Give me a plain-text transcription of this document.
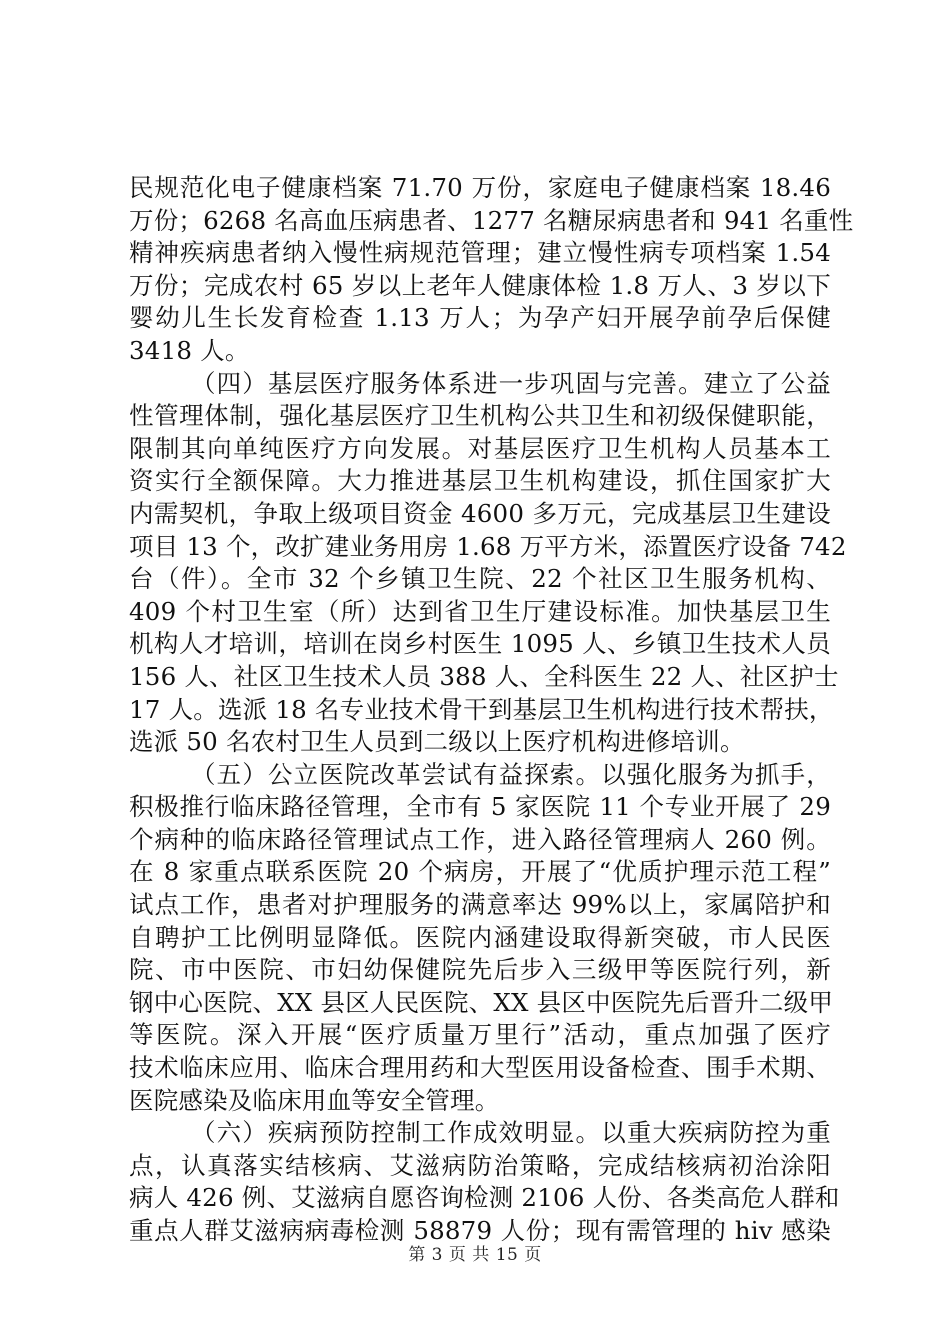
民规范化电子健康档案 71.70 万份，家庭电子健康档案 18.46
万份；6268 名高血压病患者、1277 名糖尿病患者和 941 名重性
精神疾病患者纳入慢性病规范管理；建立慢性病专项档案 1.54
万份；完成农村 65 岁以上老年人健康体检 1.8 万人、3 岁以下
婴幼儿生长发育检查 1.13 万人；为孕产妇开展孕前孕后保健
3418 人。
（四）基层医疗服务体系进一步巩固与完善。建立了公益
性管理体制，强化基层医疗卫生机构公共卫生和初级保健职能，
限制其向单纯医疗方向发展。对基层医疗卫生机构人员基本工
资实行全额保障。大力推进基层卫生机构建设，抓住国家扩大
内需契机，争取上级项目资金 4600 多万元，完成基层卫生建设
项目 13 个，改扩建业务用房 1.68 万平方米，添置医疗设备 742
台（件）。全市 32 个乡镇卫生院、22 个社区卫生服务机构、
409 个村卫生室（所）达到省卫生厅建设标准。加快基层卫生
机构人才培训，培训在岗乡村医生 1095 人、乡镇卫生技术人员
156 人、社区卫生技术人员 388 人、全科医生 22 人、社区护士
17 人。选派 18 名专业技术骨干到基层卫生机构进行技术帮扶，
选派 50 名农村卫生人员到二级以上医疗机构进修培训。
（五）公立医院改革尝试有益探索。以强化服务为抓手，
积极推行临床路径管理，全市有 5 家医院 11 个专业开展了 29
个病种的临床路径管理试点工作，进入路径管理病人 260 例。
在 8 家重点联系医院 20 个病房，开展了“优质护理示范工程”
试点工作，患者对护理服务的满意率达 99%以上，家属陪护和
自聘护工比例明显降低。医院内涵建设取得新突破，市人民医
院、市中医院、市妇幼保健院先后步入三级甲等医院行列，新
钢中心医院、XX 县区人民医院、XX 县区中医院先后晋升二级甲
等医院。深入开展“医疗质量万里行”活动，重点加强了医疗
技术临床应用、临床合理用药和大型医用设备检查、围手术期、
医院感染及临床用血等安全管理。
（六）疾病预防控制工作成效明显。以重大疾病防控为重
点，认真落实结核病、艾滋病防治策略，完成结核病初治涂阳
病人 426 例、艾滋病自愿咨询检测 2106 人份、各类高危人群和
重点人群艾滋病病毒检测 58879 人份；现有需管理的 hiv 感染
第 3 页 共 15 页
